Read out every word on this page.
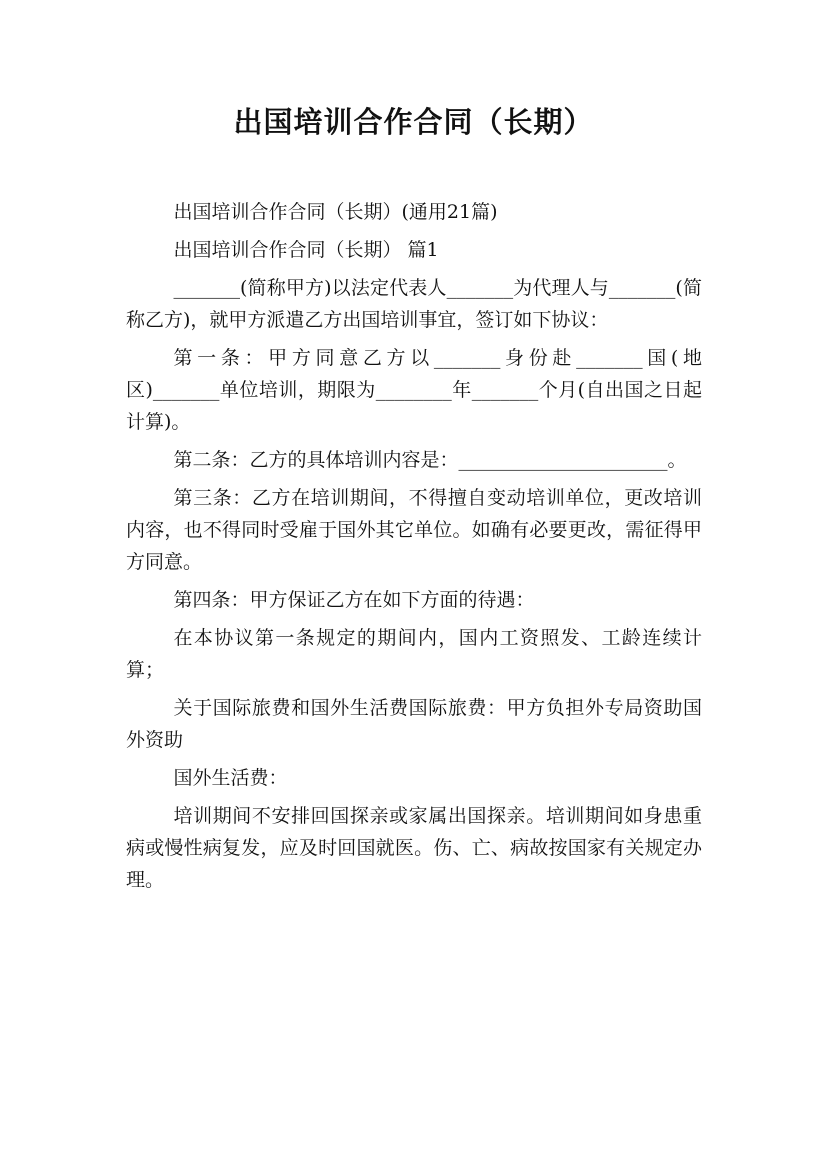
出国培训合作合同（长期）

出国培训合作合同（长期）(通用21篇)

出国培训合作合同（长期） 篇1

_______(简称甲方)以法定代表人_______为代理人与_______(简称乙方)，就甲方派遣乙方出国培训事宜，签订如下协议：

第一条：甲方同意乙方以_______身份赴_______国(地区)_______单位培训，期限为________年_______个月(自出国之日起计算)。

第二条：乙方的具体培训内容是：______________________。

第三条：乙方在培训期间，不得擅自变动培训单位，更改培训内容，也不得同时受雇于国外其它单位。如确有必要更改，需征得甲方同意。

第四条：甲方保证乙方在如下方面的待遇：

在本协议第一条规定的期间内，国内工资照发、工龄连续计算；

关于国际旅费和国外生活费国际旅费：甲方负担外专局资助国外资助

国外生活费：

培训期间不安排回国探亲或家属出国探亲。培训期间如身患重病或慢性病复发，应及时回国就医。伤、亡、病故按国家有关规定办理。
